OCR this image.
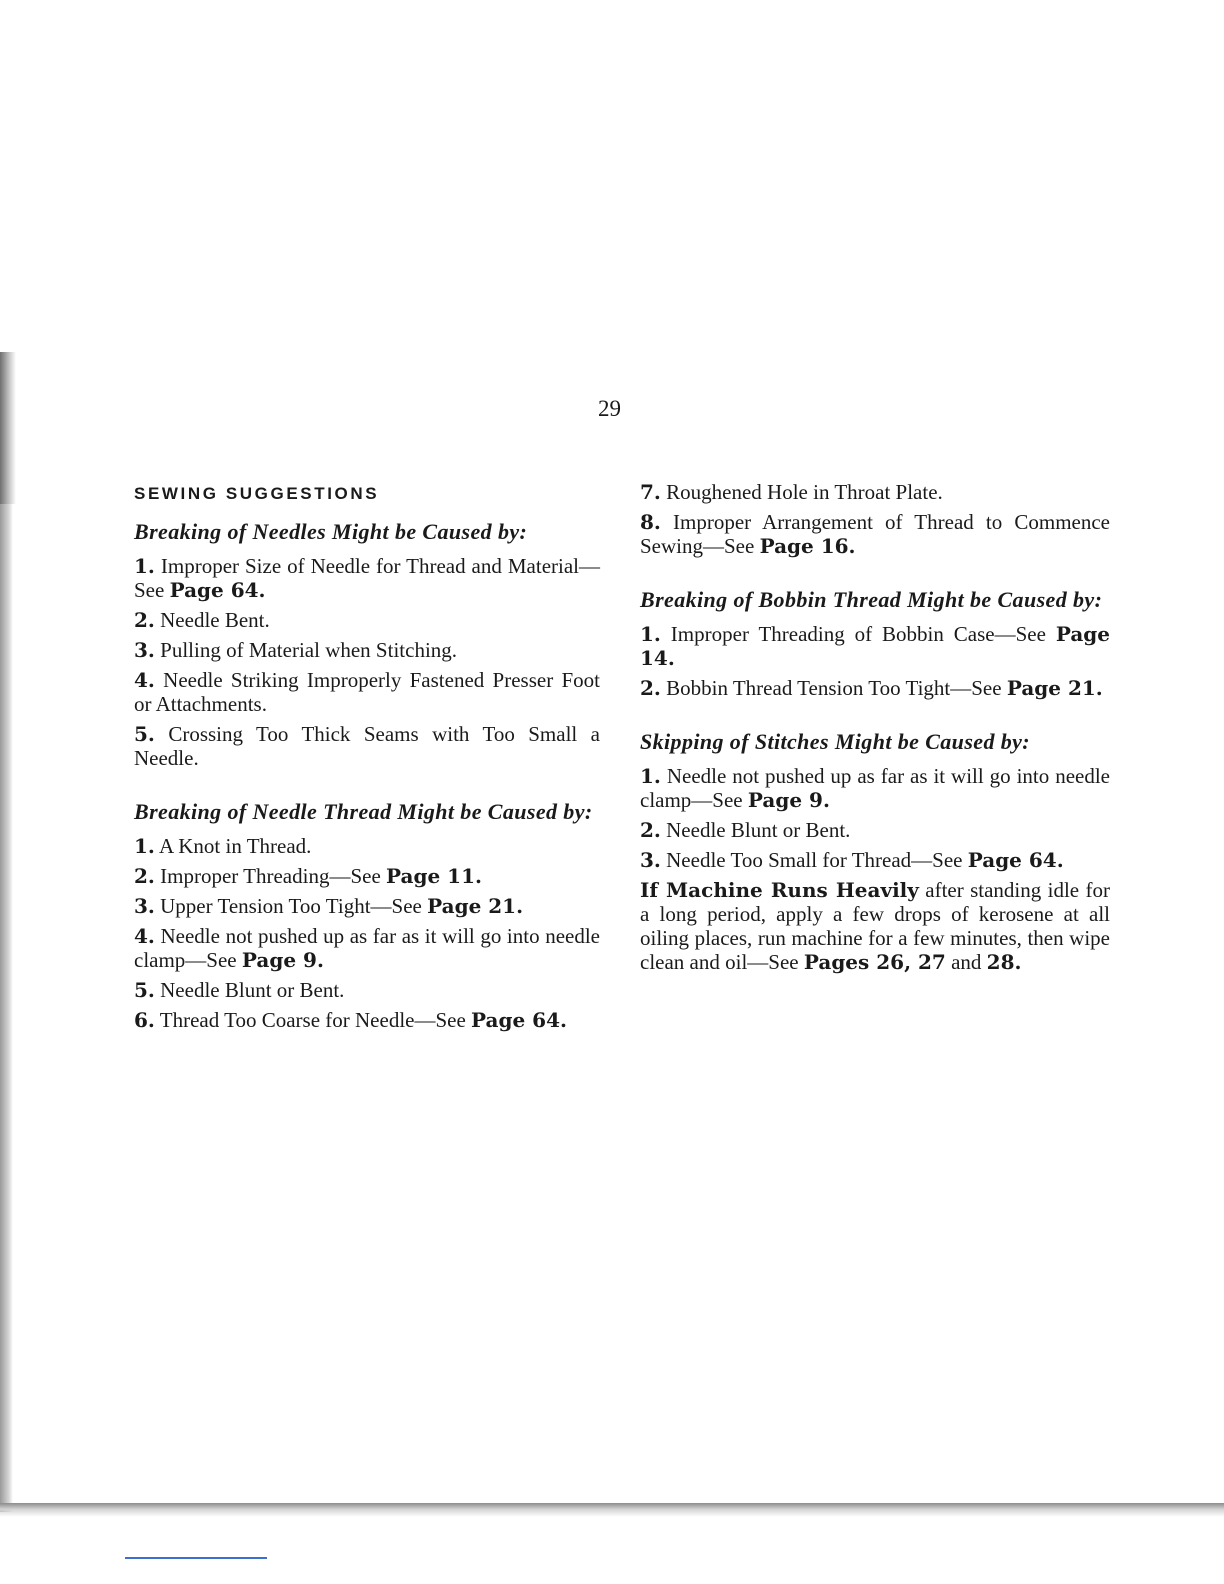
29
SEWING SUGGESTIONS
Breaking of Needles Might be Caused by:

1. Improper Size of Needle for Thread and Material—See Page 64.

2. Needle Bent.

3. Pulling of Material when Stitching.

4. Needle Striking Improperly Fastened Presser Foot or Attachments.

5. Crossing Too Thick Seams with Too Small a Needle.

Breaking of Needle Thread Might be Caused by:

1. A Knot in Thread.

2. Improper Threading—See Page 11.

3. Upper Tension Too Tight—See Page 21.

4. Needle not pushed up as far as it will go into needle clamp—See Page 9.

5. Needle Blunt or Bent.

6. Thread Too Coarse for Needle—See Page 64.

7. Roughened Hole in Throat Plate.

8. Improper Arrangement of Thread to Commence Sewing—See Page 16.

Breaking of Bobbin Thread Might be Caused by:

1. Improper Threading of Bobbin Case—See Page 14.

2. Bobbin Thread Tension Too Tight—See Page 21.

Skipping of Stitches Might be Caused by:

1. Needle not pushed up as far as it will go into needle clamp—See Page 9.

2. Needle Blunt or Bent.

3. Needle Too Small for Thread—See Page 64.

If Machine Runs Heavily after standing idle for a long period, apply a few drops of kerosene at all oiling places, run machine for a few minutes, then wipe clean and oil—See Pages 26, 27 and 28.
